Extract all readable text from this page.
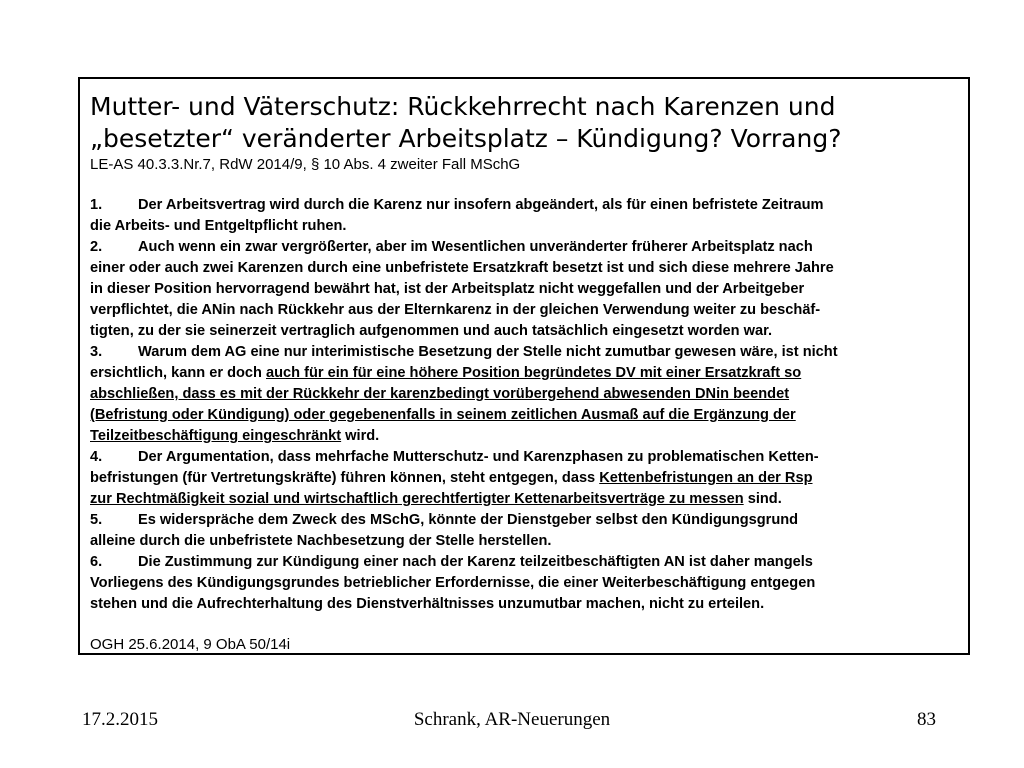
Mutter- und Väterschutz: Rückkehrrecht nach Karenzen und
„besetzter“ veränderter Arbeitsplatz – Kündigung? Vorrang?

LE-AS 40.3.3.Nr.7, RdW 2014/9, § 10 Abs. 4 zweiter Fall MSchG

1. Der Arbeitsvertrag wird durch die Karenz nur insofern abgeändert, als für einen befristete Zeitraum
die Arbeits- und Entgeltpflicht ruhen.

2. Auch wenn ein zwar vergrößerter, aber im Wesentlichen unveränderter früherer Arbeitsplatz nach
einer oder auch zwei Karenzen durch eine unbefristete Ersatzkraft besetzt ist und sich diese mehrere Jahre
in dieser Position hervorragend bewährt hat, ist der Arbeitsplatz nicht weggefallen und der Arbeitgeber
verpflichtet, die ANin nach Rückkehr aus der Elternkarenz in der gleichen Verwendung weiter zu beschäf-
tigten, zu der sie seinerzeit vertraglich aufgenommen und auch tatsächlich eingesetzt worden war.

3. Warum dem AG eine nur interimistische Besetzung der Stelle nicht zumutbar gewesen wäre, ist nicht
ersichtlich, kann er doch auch für ein für eine höhere Position begründetes DV mit einer Ersatzkraft so
abschließen, dass es mit der Rückkehr der karenzbedingt vorübergehend abwesenden DNin beendet
(Befristung oder Kündigung) oder gegebenenfalls in seinem zeitlichen Ausmaß auf die Ergänzung der
Teilzeitbeschäftigung eingeschränkt wird.

4. Der Argumentation, dass mehrfache Mutterschutz- und Karenzphasen zu problematischen Ketten-
befristungen (für Vertretungskräfte) führen können, steht entgegen, dass Kettenbefristungen an der Rsp
zur Rechtmäßigkeit sozial und wirtschaftlich gerechtfertigter Kettenarbeitsverträge zu messen sind.

5. Es widerspräche dem Zweck des MSchG, könnte der Dienstgeber selbst den Kündigungsgrund
alleine durch die unbefristete Nachbesetzung der Stelle herstellen.

6. Die Zustimmung zur Kündigung einer nach der Karenz teilzeitbeschäftigten AN ist daher mangels
Vorliegens des Kündigungsgrundes betrieblicher Erfordernisse, die einer Weiterbeschäftigung entgegen
stehen und die Aufrechterhaltung des Dienstverhältnisses unzumutbar machen, nicht zu erteilen.

OGH 25.6.2014, 9 ObA 50/14i

17.2.2015	Schrank, AR-Neuerungen	83
